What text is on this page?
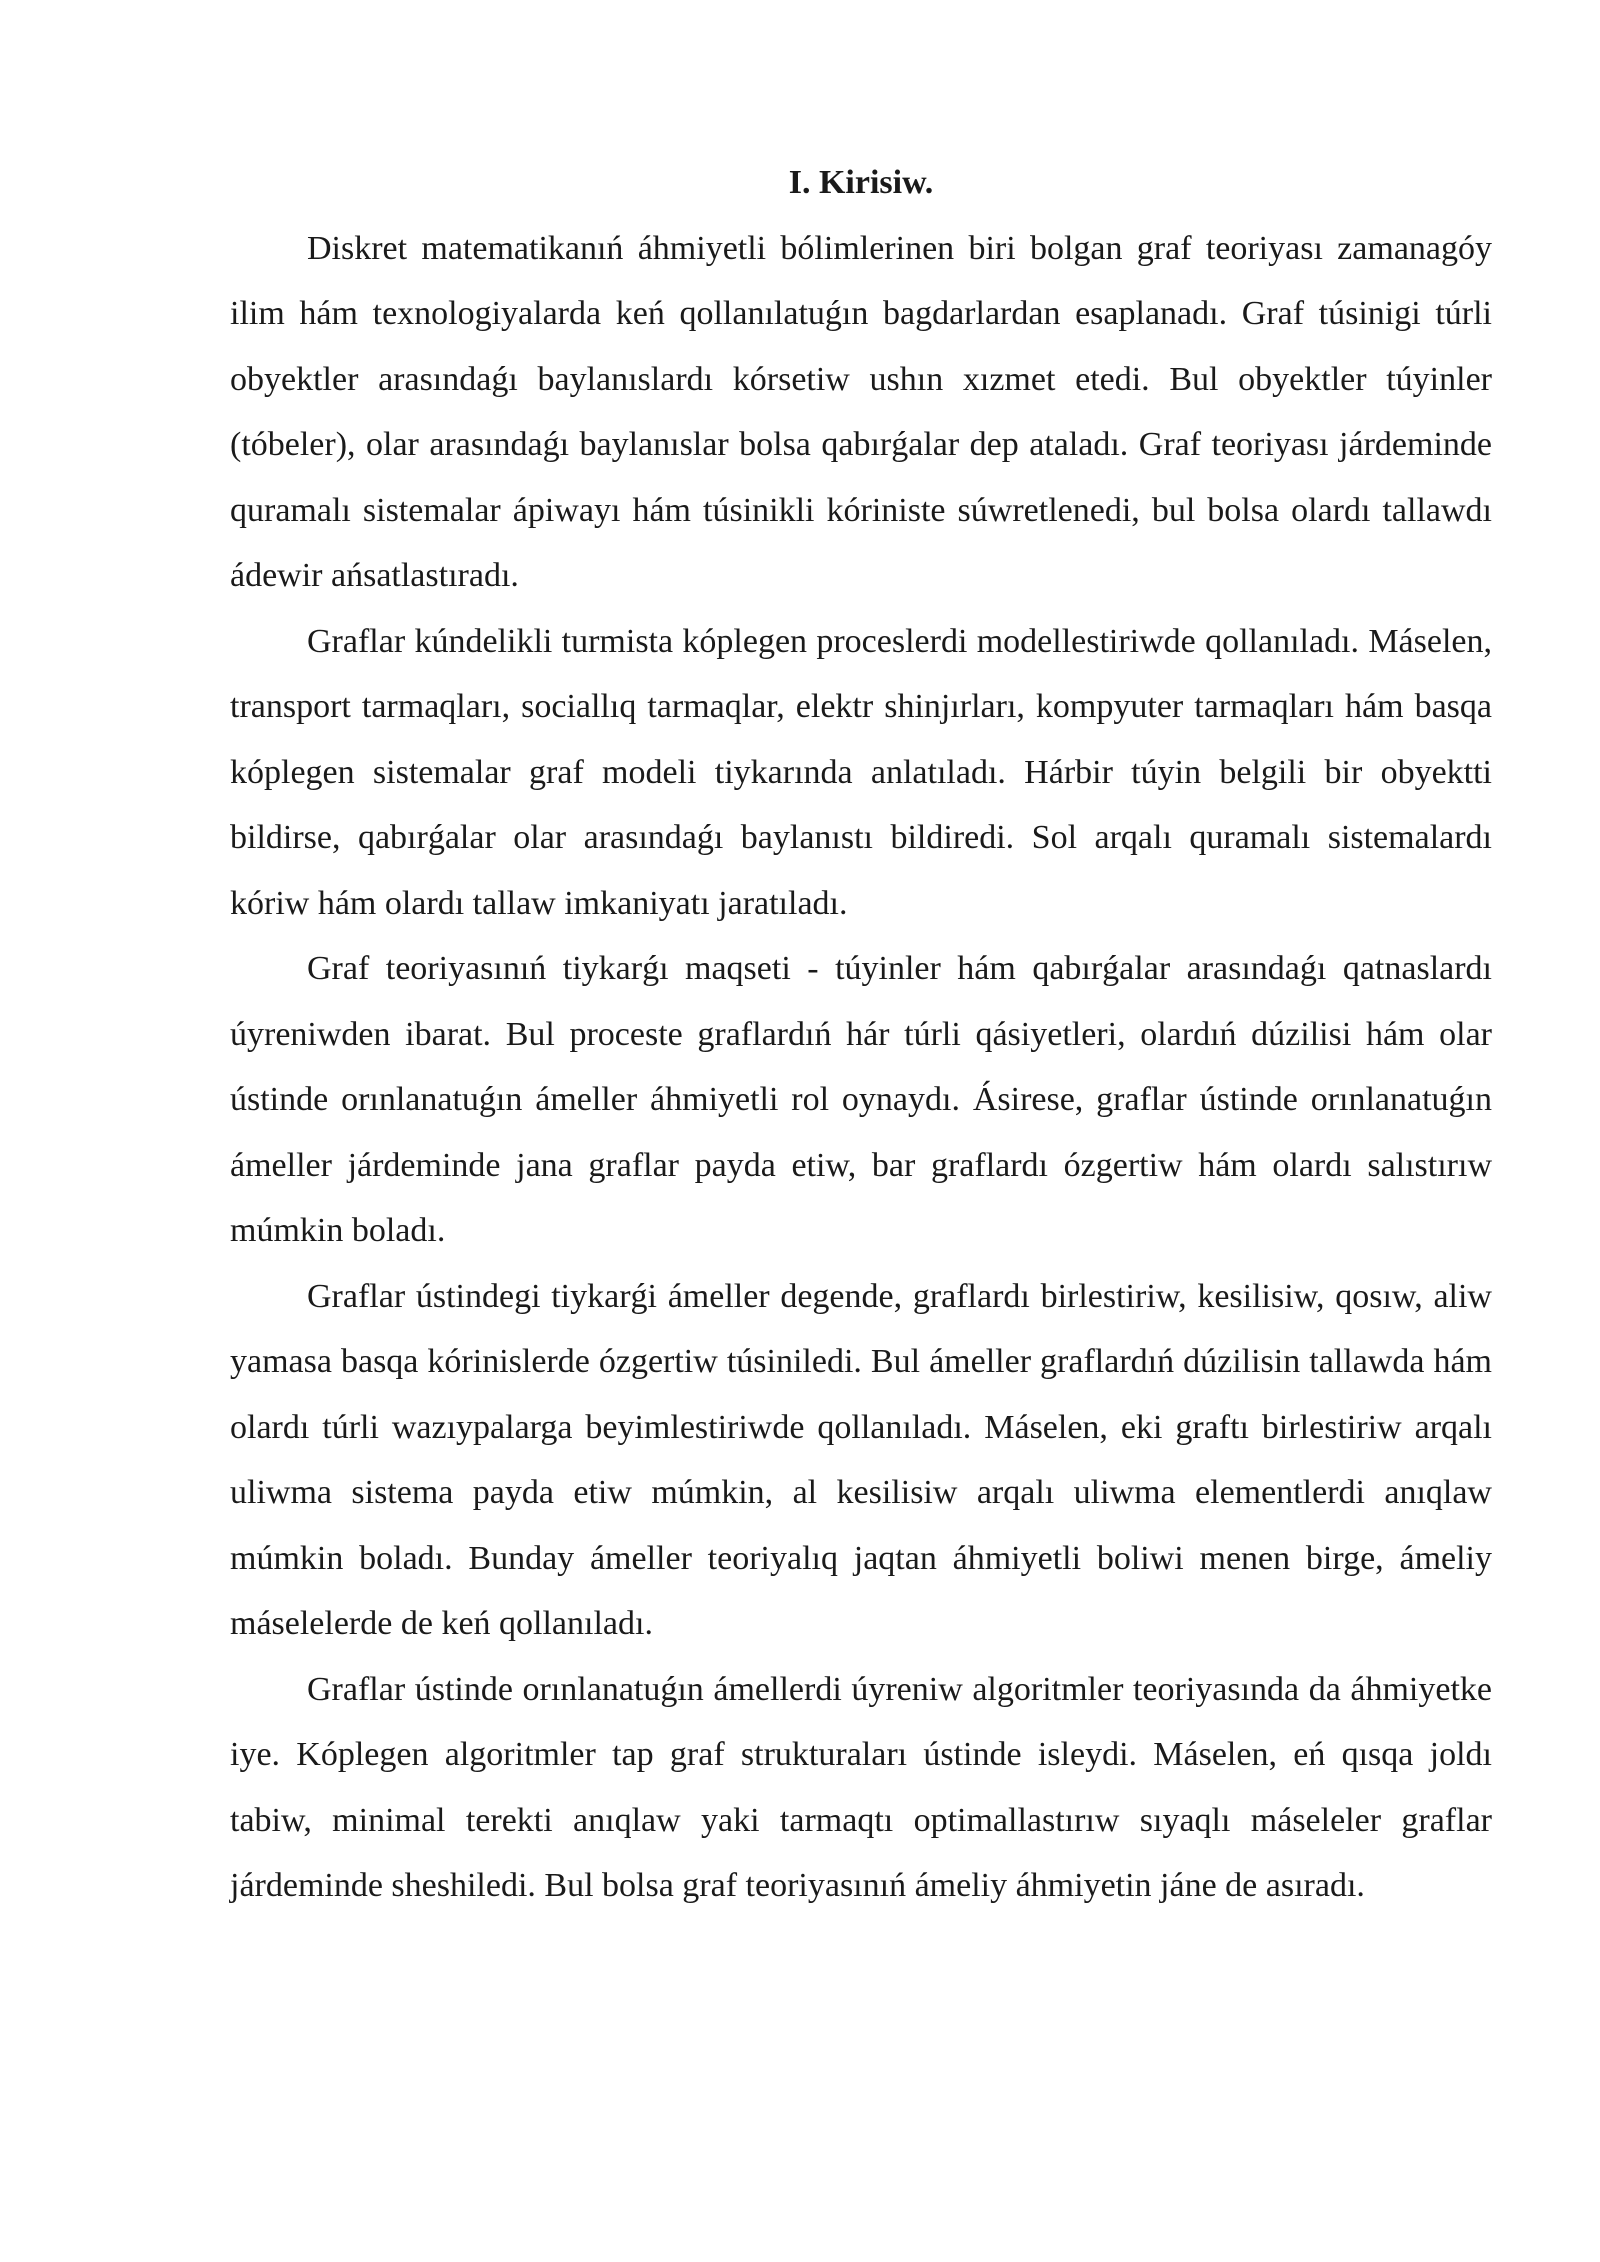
I. Kirisiw.

Diskret matematikanıń áhmiyetli bólimlerinen biri bolgan graf teoriyası zamanagóy ilim hám texnologiyalarda keń qollanılatuǵın bagdarlardan esaplanadı. Graf túsinigi túrli obyektler arasındaǵı baylanıslardı kórsetiw ushın xızmet etedi. Bul obyektler túyinler (tóbeler), olar arasındaǵı baylanıslar bolsa qabırǵalar dep ataladı. Graf teoriyası járdeminde quramalı sistemalar ápiwayı hám túsinikli kóriniste súwretlenedi, bul bolsa olardı tallawdı ádewir ańsatlastıradı.

Graflar kúndelikli turmista kóplegen proceslerdi modellestiriwde qollanıladı. Máselen, transport tarmaqları, sociallıq tarmaqlar, elektr shinjırları, kompyuter tarmaqları hám basqa kóplegen sistemalar graf modeli tiykarında anlatıladı. Hárbir túyin belgili bir obyektti bildirse, qabırǵalar olar arasındaǵı baylanıstı bildiredi. Sol arqalı quramalı sistemalardı kóriw hám olardı tallaw imkaniyatı jaratıladı.

Graf teoriyasınıń tiykarǵı maqseti - túyinler hám qabırǵalar arasındaǵı qatnaslardı úyreniwden ibarat. Bul proceste graflardıń hár túrli qásiyetleri, olardıń dúzilisi hám olar ústinde orınlanatuǵın ámeller áhmiyetli rol oynaydı. Ásirese, graflar ústinde orınlanatuǵın ámeller járdeminde jana graflar payda etiw, bar graflardı ózgertiw hám olardı salıstırıw múmkin boladı.

Graflar ústindegi tiykarǵi ámeller degende, graflardı birlestiriw, kesilisiw, qosıw, aliw yamasa basqa kórinislerde ózgertiw túsiniledi. Bul ámeller graflardıń dúzilisin tallawda hám olardı túrli wazıypalarga beyimlestiriwde qollanıladı. Máselen, eki graftı birlestiriw arqalı uliwma sistema payda etiw múmkin, al kesilisiw arqalı uliwma elementlerdi anıqlaw múmkin boladı. Bunday ámeller teoriyalıq jaqtan áhmiyetli boliwi menen birge, ámeliy máselelerde de keń qollanıladı.

Graflar ústinde orınlanatuǵın ámellerdi úyreniw algoritmler teoriyasında da áhmiyetke iye. Kóplegen algoritmler tap graf strukturaları ústinde isleydi. Máselen, eń qısqa joldı tabiw, minimal terekti anıqlaw yaki tarmaqtı optimallastırıw sıyaqlı máseleler graflar járdeminde sheshiledi. Bul bolsa graf teoriyasınıń ámeliy áhmiyetin jáne de asıradı.
